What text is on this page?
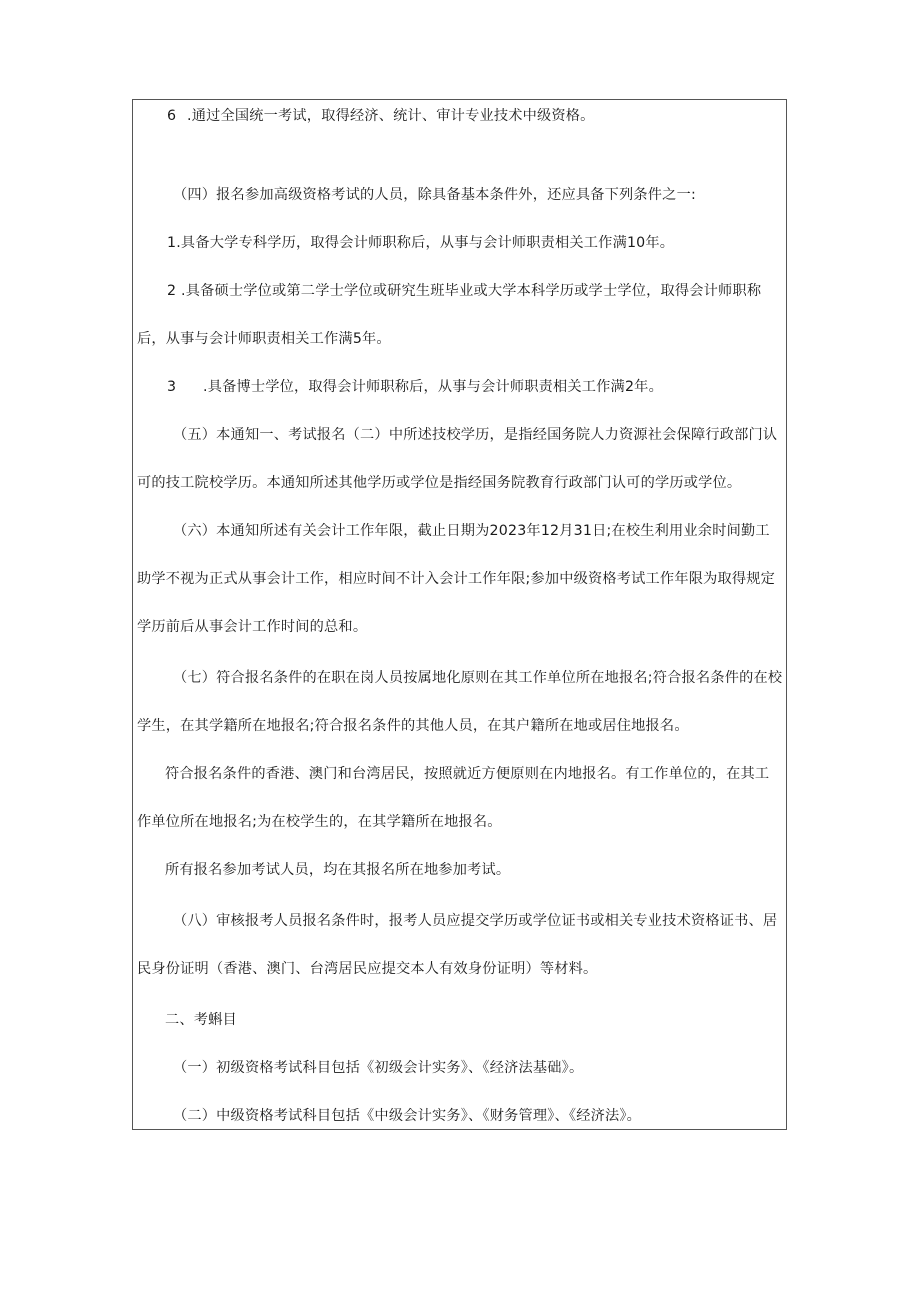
6 .通过全国统一考试，取得经济、统计、审计专业技术中级资格。
（四）报名参加高级资格考试的人员，除具备基本条件外，还应具备下列条件之一:
1.具备大学专科学历，取得会计师职称后，从事与会计师职责相关工作满10年。
2 .具备硕士学位或第二学士学位或研究生班毕业或大学本科学历或学士学位，取得会计师职称
后，从事与会计师职责相关工作满5年。
3 .具备博士学位，取得会计师职称后，从事与会计师职责相关工作满2年。
（五）本通知一、考试报名（二）中所述技校学历，是指经国务院人力资源社会保障行政部门认
可的技工院校学历。本通知所述其他学历或学位是指经国务院教育行政部门认可的学历或学位。
（六）本通知所述有关会计工作年限，截止日期为2023年12月31日;在校生利用业余时间勤工
助学不视为正式从事会计工作，相应时间不计入会计工作年限;参加中级资格考试工作年限为取得规定
学历前后从事会计工作时间的总和。
（七）符合报名条件的在职在岗人员按属地化原则在其工作单位所在地报名;符合报名条件的在校
学生，在其学籍所在地报名;符合报名条件的其他人员，在其户籍所在地或居住地报名。
符合报名条件的香港、澳门和台湾居民，按照就近方便原则在内地报名。有工作单位的，在其工
作单位所在地报名;为在校学生的，在其学籍所在地报名。
所有报名参加考试人员，均在其报名所在地参加考试。
（八）审核报考人员报名条件时，报考人员应提交学历或学位证书或相关专业技术资格证书、居
民身份证明（香港、澳门、台湾居民应提交本人有效身份证明）等材料。
二、考蝌目
（一）初级资格考试科目包括《初级会计实务》、《经济法基础》。
（二）中级资格考试科目包括《中级会计实务》、《财务管理》、《经济法》。
